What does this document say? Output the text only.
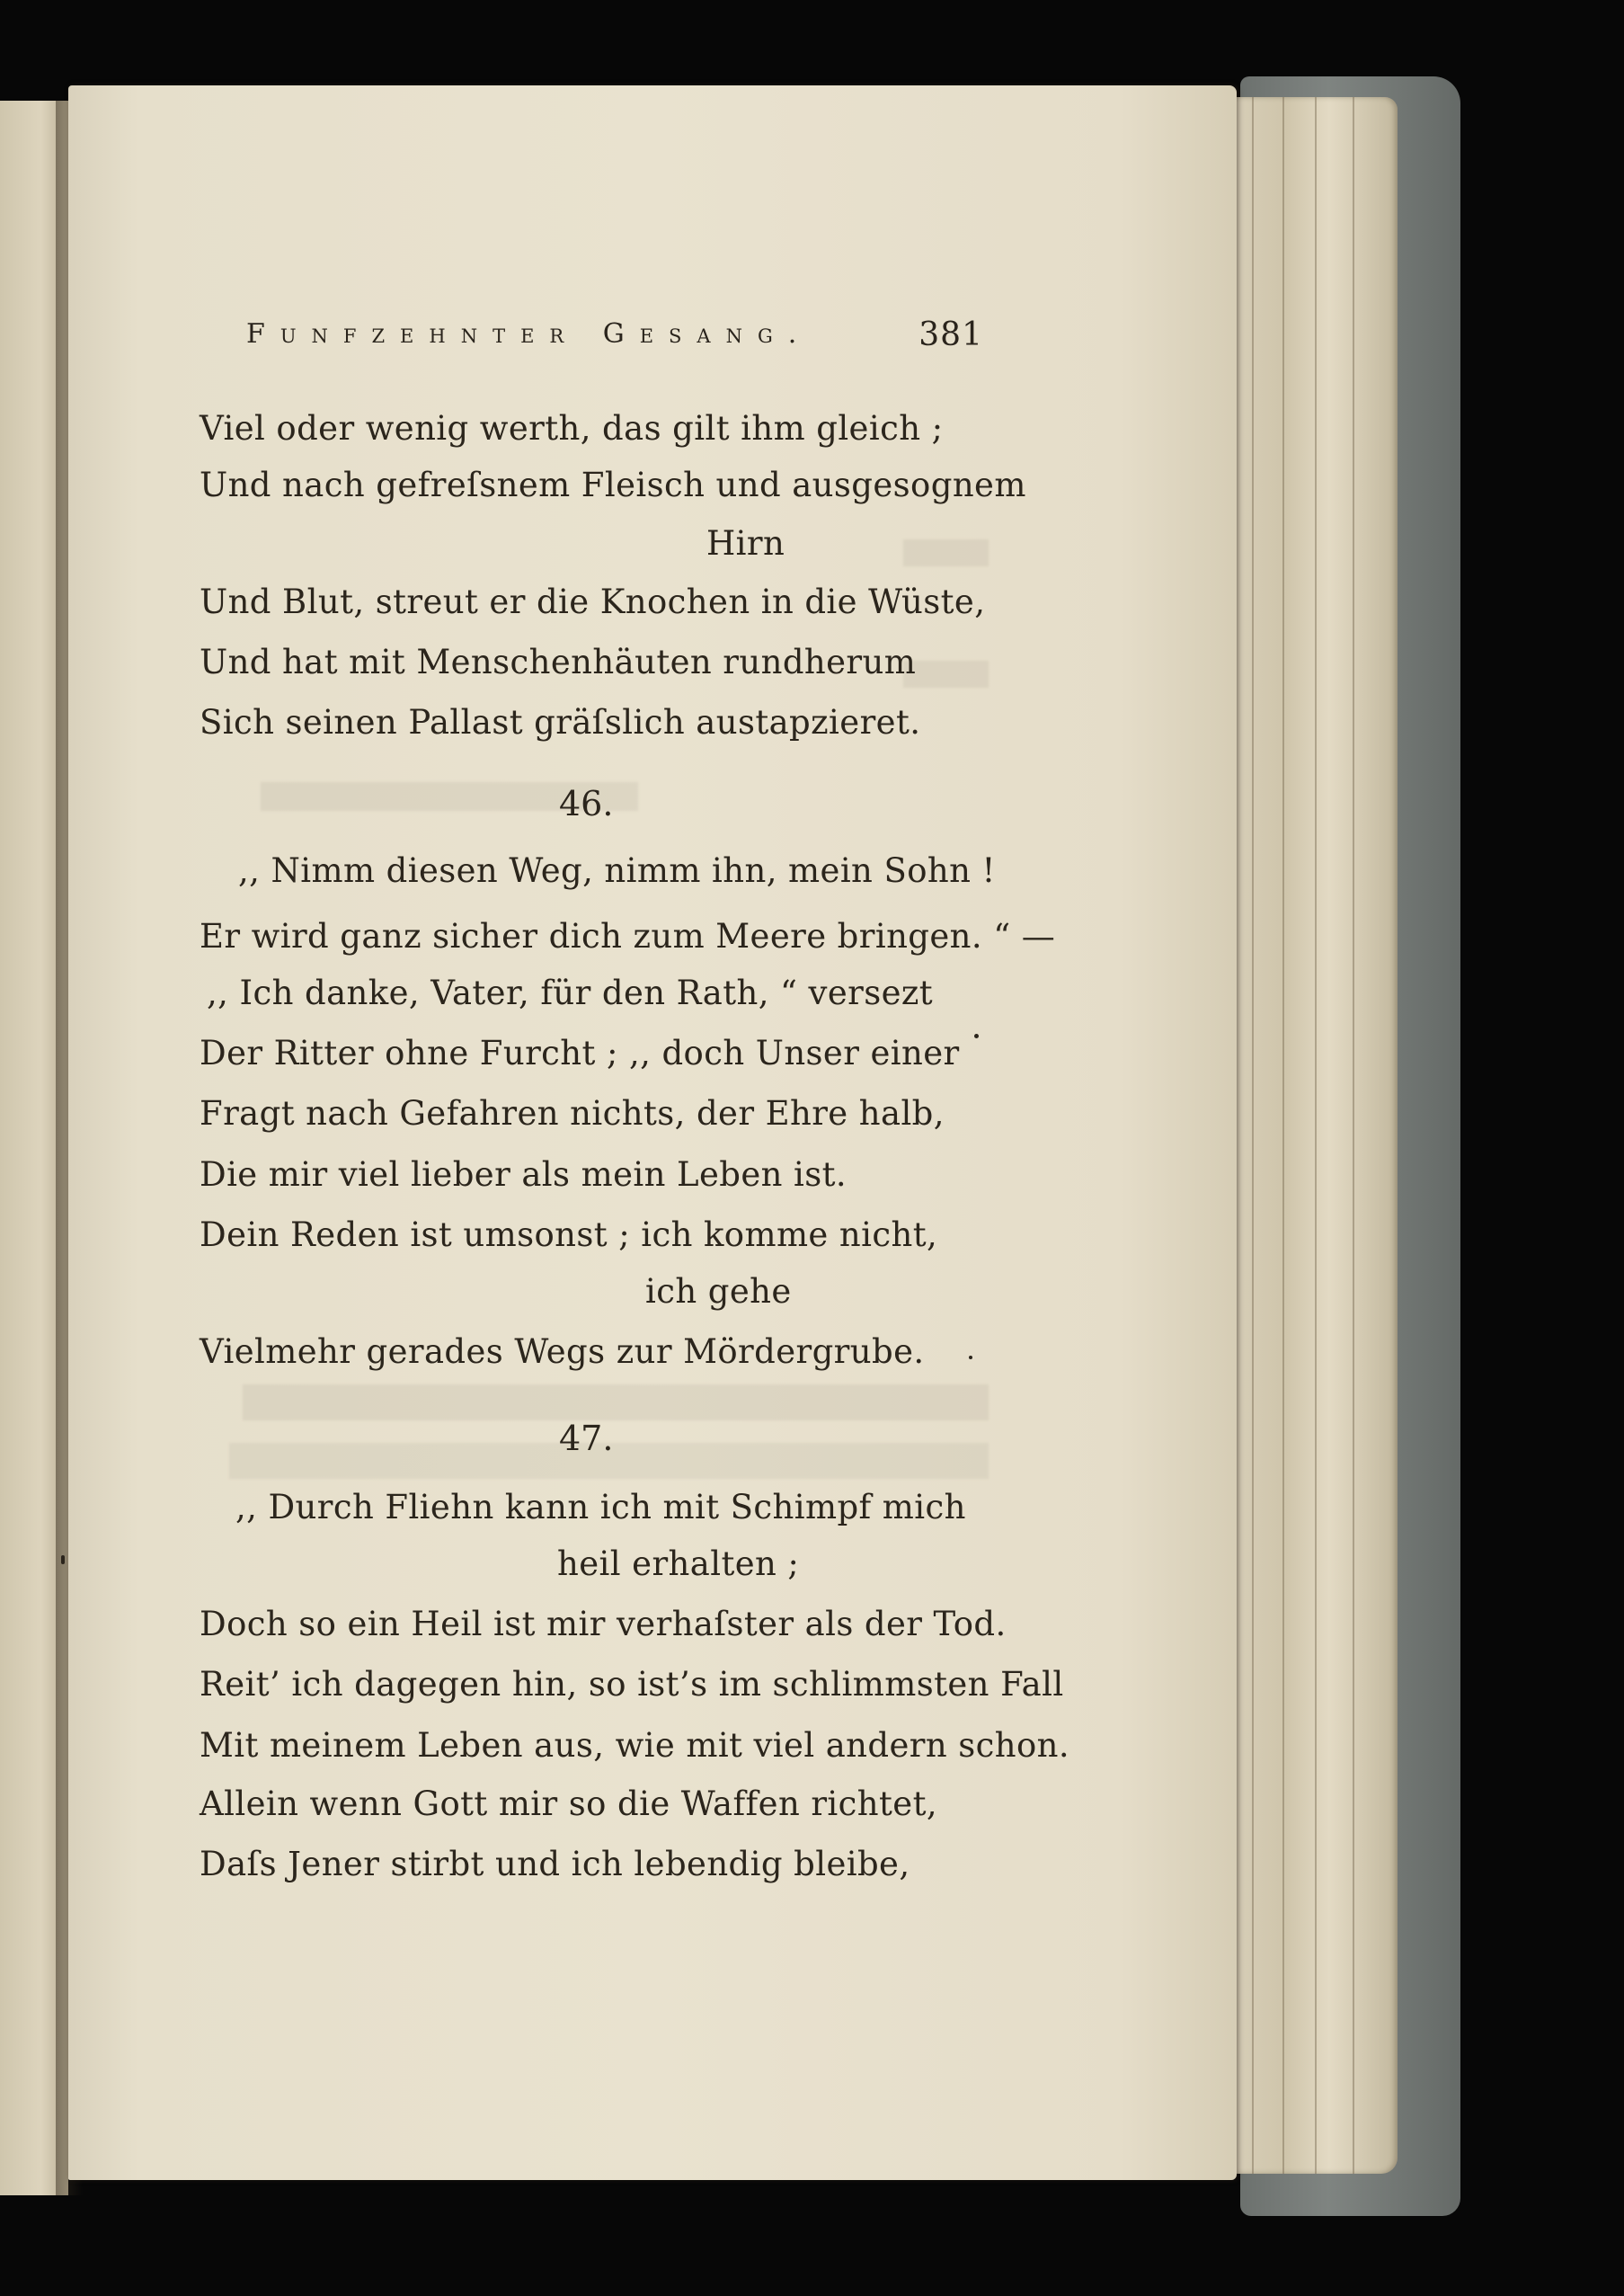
Funfzehnter Gesang.	381
Viel oder wenig werth, das gilt ihm gleich ;
Und nach gefreſsnem Fleisch und ausgesognem
Hirn
Und Blut, streut er die Knochen in die Wüste,
Und hat mit Menschenhäuten rundherum
Sich seinen Pallast gräſslich austapzieret.
46.
,, Nimm diesen Weg, nimm ihn, mein Sohn !
Er wird ganz sicher dich zum Meere bringen. “ —
,, Ich danke, Vater, für den Rath, “ versezt
Der Ritter ohne Furcht ; ,, doch Unser einer
Fragt nach Gefahren nichts, der Ehre halb,
Die mir viel lieber als mein Leben ist.
Dein Reden ist umsonst ; ich komme nicht,
ich gehe
Vielmehr gerades Wegs zur Mördergrube.
47.
,, Durch Fliehn kann ich mit Schimpf mich
heil erhalten ;
Doch so ein Heil ist mir verhaſster als der Tod.
Reit’ ich dagegen hin, so ist’s im schlimmsten Fall
Mit meinem Leben aus, wie mit viel andern schon.
Allein wenn Gott mir so die Waffen richtet,
Daſs Jener stirbt und ich lebendig bleibe,
